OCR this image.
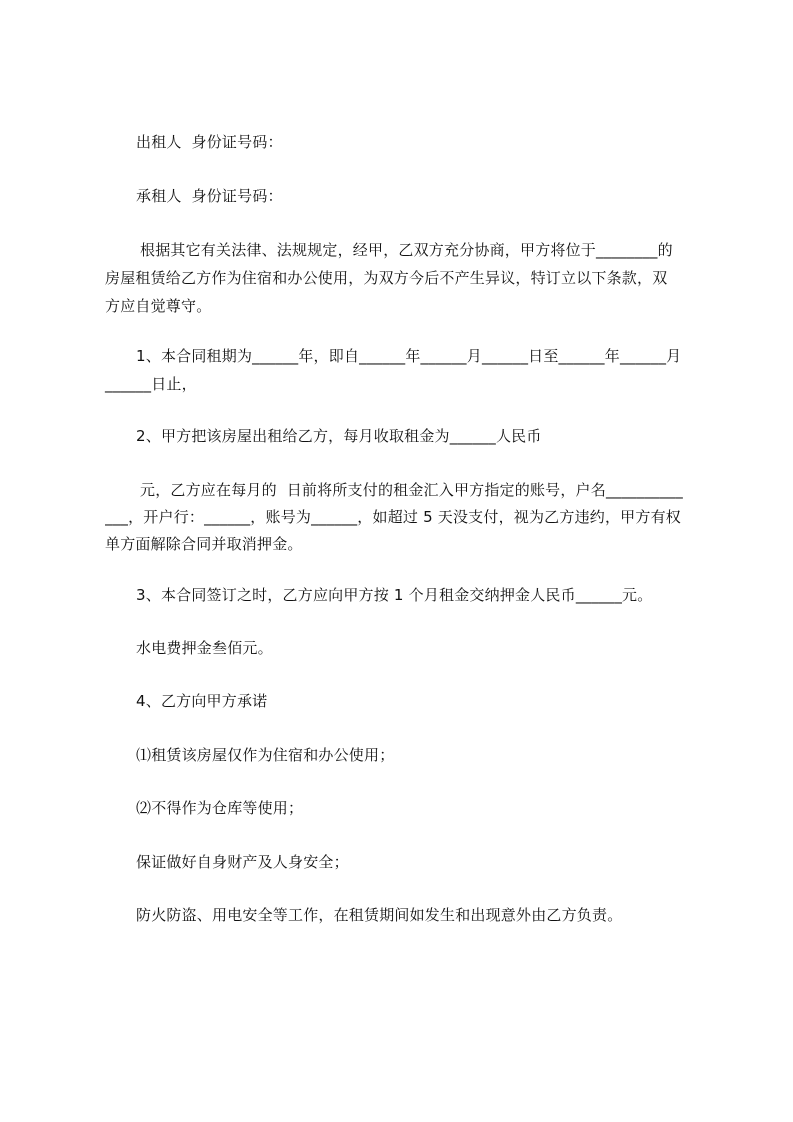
出租人  身份证号码：
承租人  身份证号码：
根据其它有关法律、法规规定，经甲，乙双方充分协商，甲方将位于________的
房屋租赁给乙方作为住宿和办公使用，为双方今后不产生异议，特订立以下条款，双
方应自觉尊守。
1、本合同租期为______年，即自______年______月______日至______年______月
______日止，
2、甲方把该房屋出租给乙方，每月收取租金为______人民币
元，乙方应在每月的  日前将所支付的租金汇入甲方指定的账号，户名__________
___，开户行：______，账号为______，如超过 5 天没支付，视为乙方违约，甲方有权
单方面解除合同并取消押金。
3、本合同签订之时，乙方应向甲方按 1 个月租金交纳押金人民币______元。
水电费押金叁佰元。
4、乙方向甲方承诺
⑴租赁该房屋仅作为住宿和办公使用；
⑵不得作为仓库等使用；
保证做好自身财产及人身安全；
防火防盗、用电安全等工作，在租赁期间如发生和出现意外由乙方负责。
